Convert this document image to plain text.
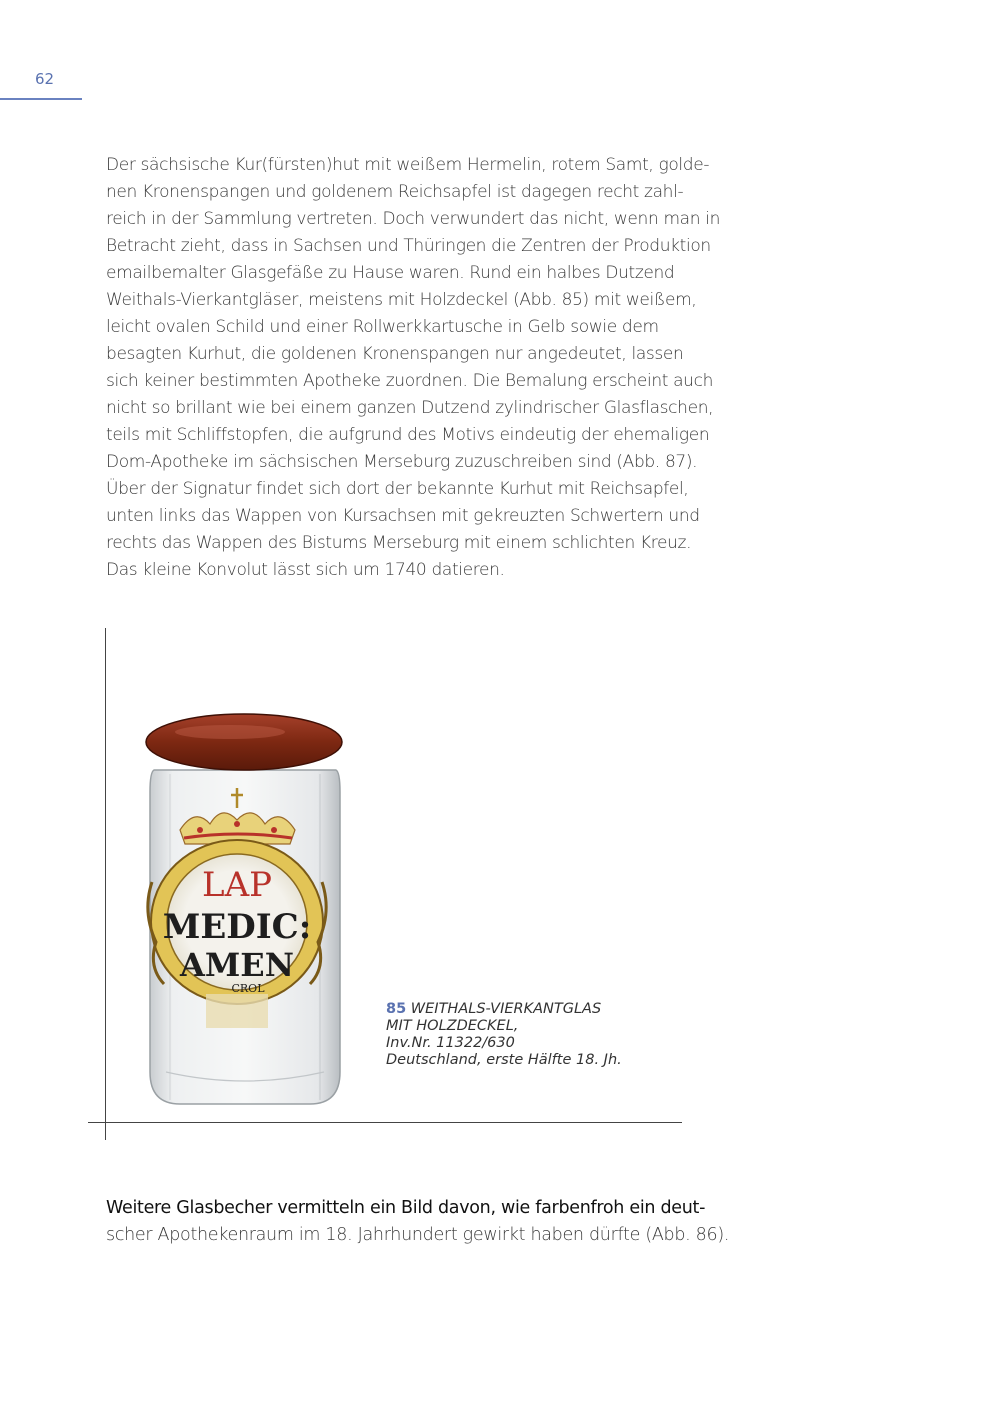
62
Der sächsische Kur(fürsten)hut mit weißem Hermelin, rotem Samt, golde-
nen Kronenspangen und goldenem Reichsapfel ist dagegen recht zahl-
reich in der Sammlung vertreten. Doch verwundert das nicht, wenn man in
Betracht zieht, dass in Sachsen und Thüringen die Zentren der Produktion
emailbemalter Glasgefäße zu Hause waren. Rund ein halbes Dutzend
Weithals-Vierkantgläser, meistens mit Holzdeckel (Abb. 85) mit weißem,
leicht ovalen Schild und einer Rollwerkkartusche in Gelb sowie dem
besagten Kurhut, die goldenen Kronenspangen nur angedeutet, lassen
sich keiner bestimmten Apotheke zuordnen. Die Bemalung erscheint auch
nicht so brillant wie bei einem ganzen Dutzend zylindrischer Glasflaschen,
teils mit Schliffstopfen, die aufgrund des Motivs eindeutig der ehemaligen
Dom-Apotheke im sächsischen Merseburg zuzuschreiben sind (Abb. 87).
Über der Signatur findet sich dort der bekannte Kurhut mit Reichsapfel,
unten links das Wappen von Kursachsen mit gekreuzten Schwertern und
rechts das Wappen des Bistums Merseburg mit einem schlichten Kreuz.
Das kleine Konvolut lässt sich um 1740 datieren.
LAP
MEDIC:
AMEN
CROL
85 WEITHALS-VIERKANTGLAS
MIT HOLZDECKEL,
Inv.Nr. 11322/630
Deutschland, erste Hälfte 18. Jh.
Weitere Glasbecher vermitteln ein Bild davon, wie farbenfroh ein deut-
scher Apothekenraum im 18. Jahrhundert gewirkt haben dürfte (Abb. 86).
